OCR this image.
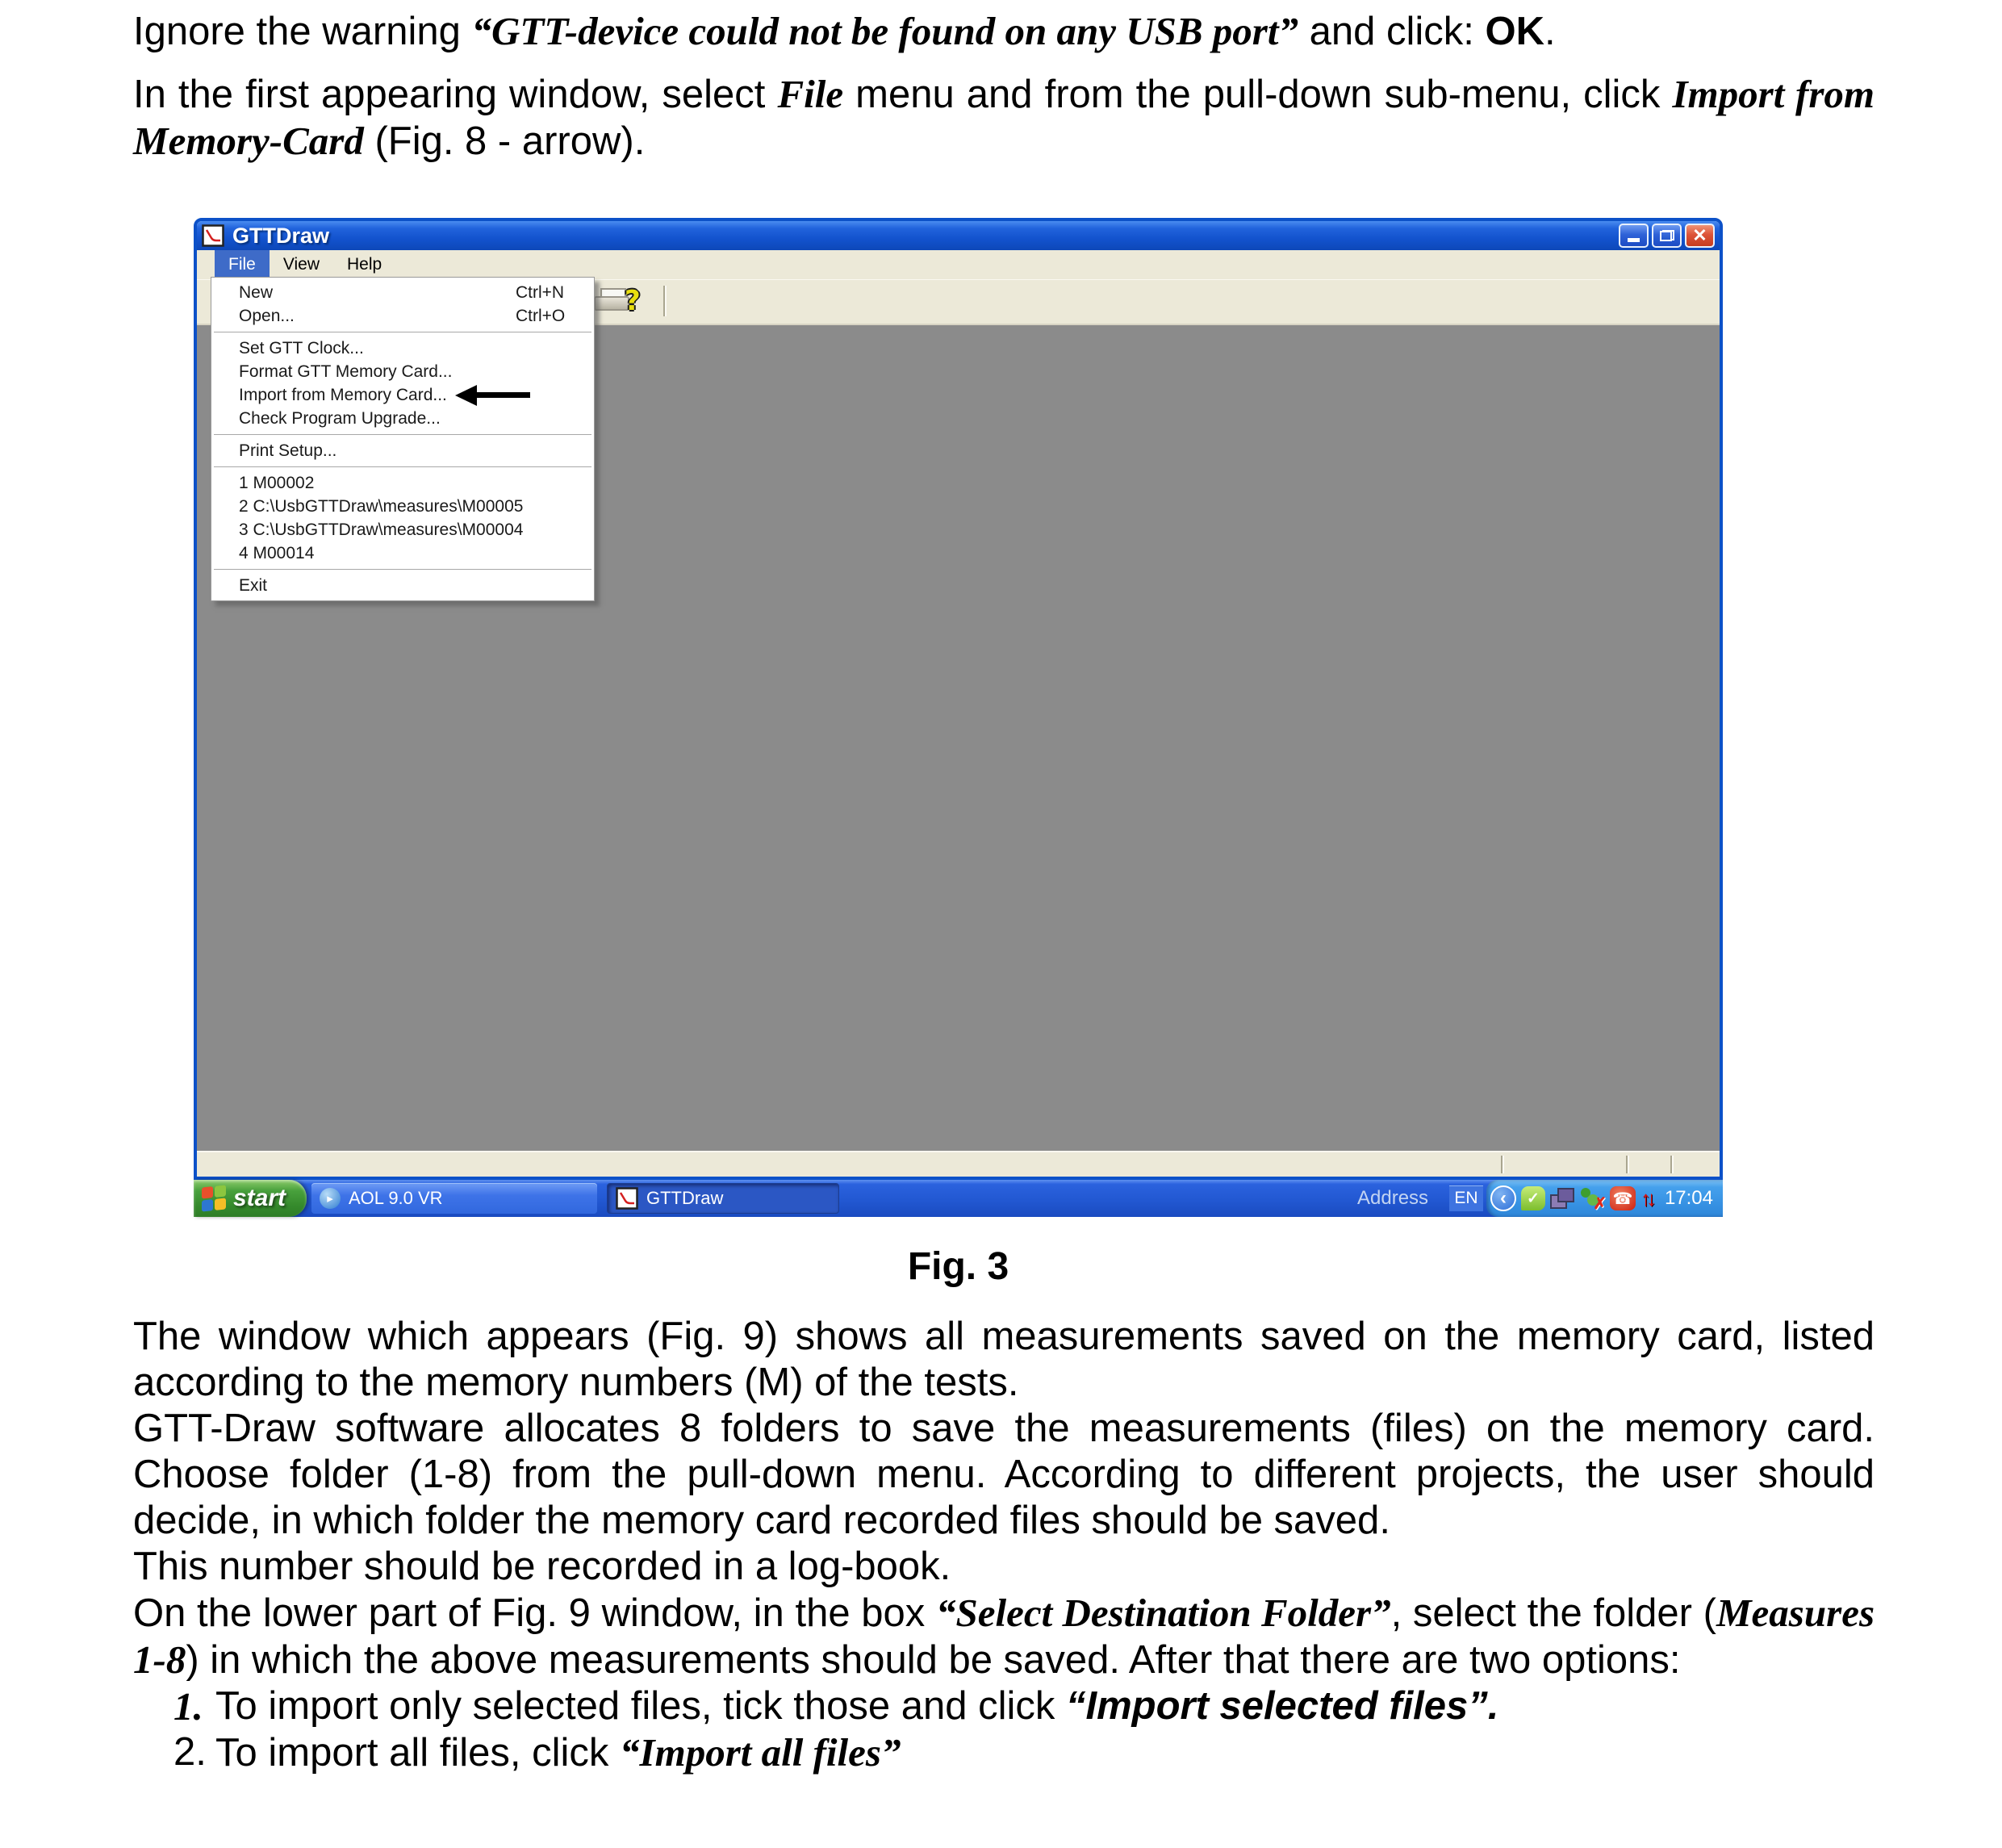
Ignore the warning “GTT-device could not be found on any USB port” and click: OK.

In the first appearing window, select File menu and from the pull-down sub-menu, click Import from Memory-Card (Fig. 8 - arrow).

GTTDraw	✕
File	View	Help
?
New	Ctrl+N
Open...	Ctrl+O
Set GTT Clock...
Format GTT Memory Card...
Import from Memory Card...
Check Program Upgrade...
Print Setup...
1 M00002
2 C:\UsbGTTDraw\measures\M00005
3 C:\UsbGTTDraw\measures\M00004
4 M00014
Exit
start	▸ AOL 9.0 VR	GTTDraw	Address	EN	‹	✓	✗ ☎ ↑↓ 17:04
Fig. 3
The window which appears (Fig. 9) shows all measurements saved on the memory card, listed according to the memory numbers (M) of the tests.
GTT-Draw software allocates 8 folders to save the measurements (files) on the memory card. Choose folder (1-8) from the pull-down menu. According to different projects, the user should decide, in which folder the memory card recorded files should be saved.
This number should be recorded in a log-book.
On the lower part of Fig. 9 window, in the box “Select Destination Folder”, select the folder (Measures 1-8) in which the above measurements should be saved. After that there are two options:
1. To import only selected files, tick those and click “Import selected files”.
2. To import all files, click “Import all files”
